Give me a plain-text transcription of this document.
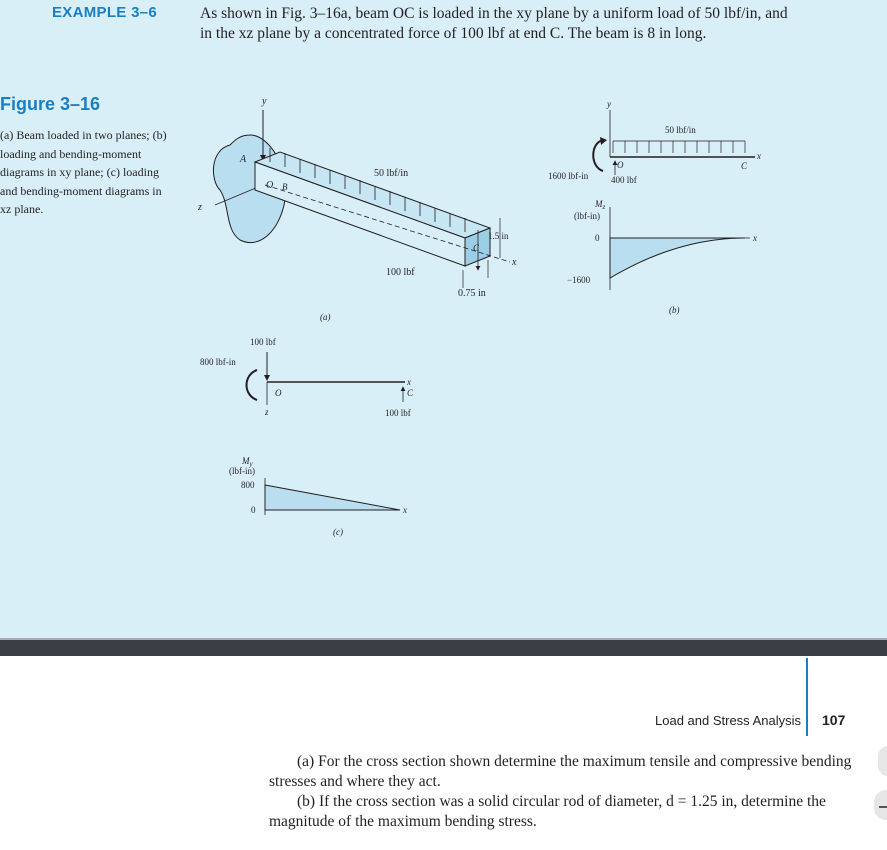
EXAMPLE 3–6	As shown in Fig. 3–16a, beam OC is loaded in the xy plane by a uniform load of 50 lbf/in, and in the xz plane by a concentrated force of 100 lbf at end C. The beam is 8 in long.
Figure 3–16
(a) Beam loaded in two planes; (b) loading and bending-moment diagrams in xy plane; (c) loading and bending-moment diagrams in xz plane.
y
z
x
A
O B
C
50 lbf/in
1.5 in
0.75 in
100 lbf
(a)
y
x
50 lbf/in
O	C
1600 lbf-in	400 lbf
$M_z$
(lbf-in)
x
0
−1600
(b)
100 lbf
800 lbf-in
x
z
O	C
100 lbf
$M_y$
(lbf-in)
x
800
0
(c)
Load and Stress Analysis 107

(a) For the cross section shown determine the maximum tensile and compressive bending stresses and where they act.

(b) If the cross section was a solid circular rod of diameter, d = 1.25 in, determine the magnitude of the maximum bending stress.
